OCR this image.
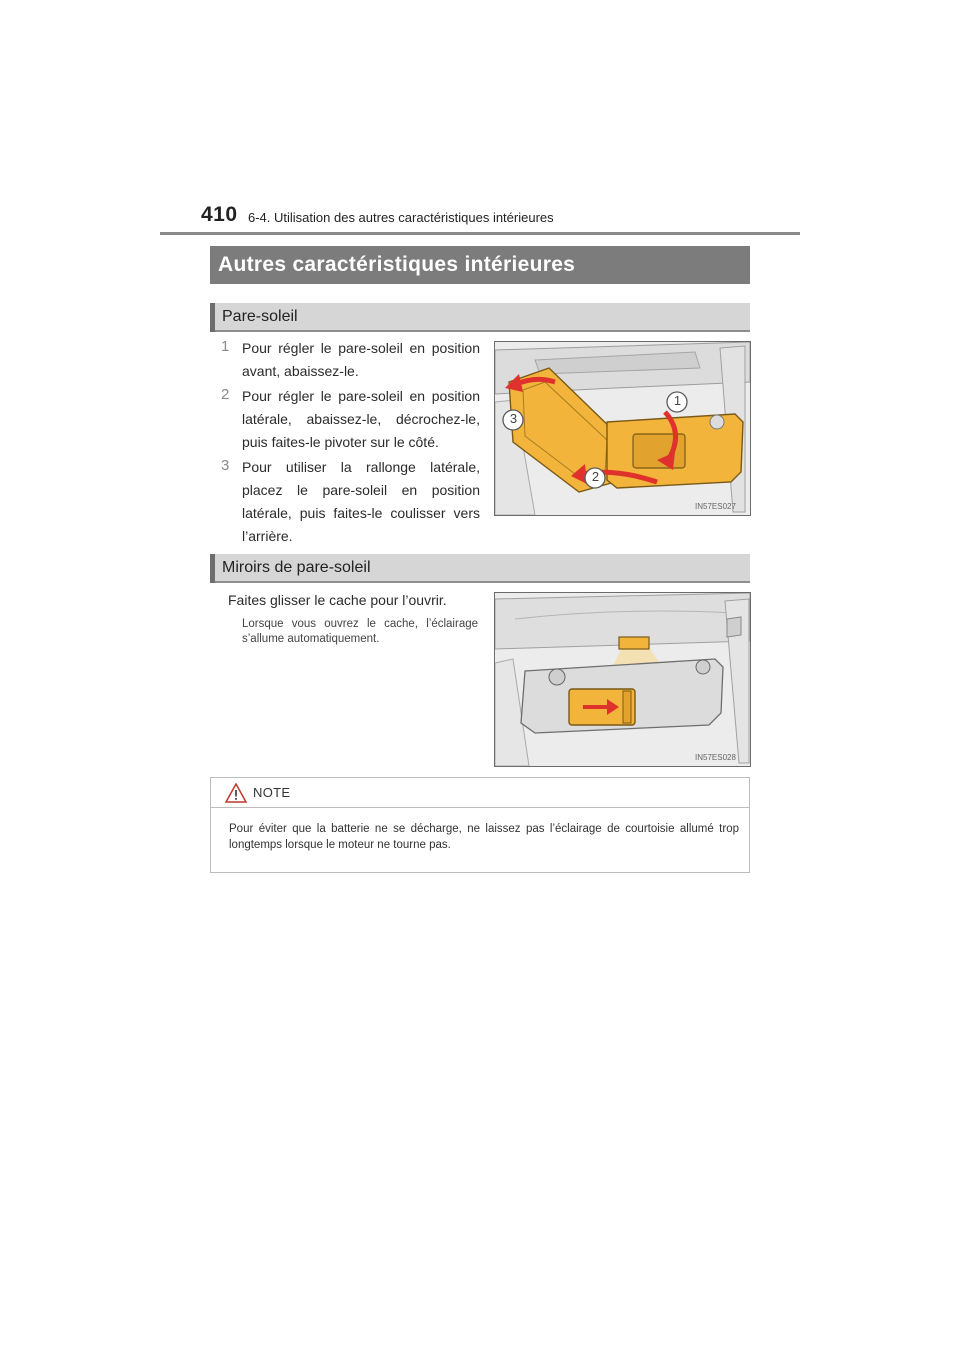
410 6-4. Utilisation des autres caractéristiques intérieures
Autres caractéristiques intérieures
Pare-soleil
1 Pour régler le pare-soleil en position avant, abaissez-le.
2 Pour régler le pare-soleil en position latérale, abaissez-le, décrochez-le, puis faites-le pivoter sur le côté.
3 Pour utiliser la rallonge latérale, placez le pare-soleil en position latérale, puis faites-le coulisser vers l’arrière.
1
2
3
IN57ES027
Miroirs de pare-soleil
Faites glisser le cache pour l’ouvrir.
Lorsque vous ouvrez le cache, l’éclairage s’allume automatiquement.
IN57ES028
NOTE
Pour éviter que la batterie ne se décharge, ne laissez pas l’éclairage de courtoisie allumé trop longtemps lorsque le moteur ne tourne pas.
